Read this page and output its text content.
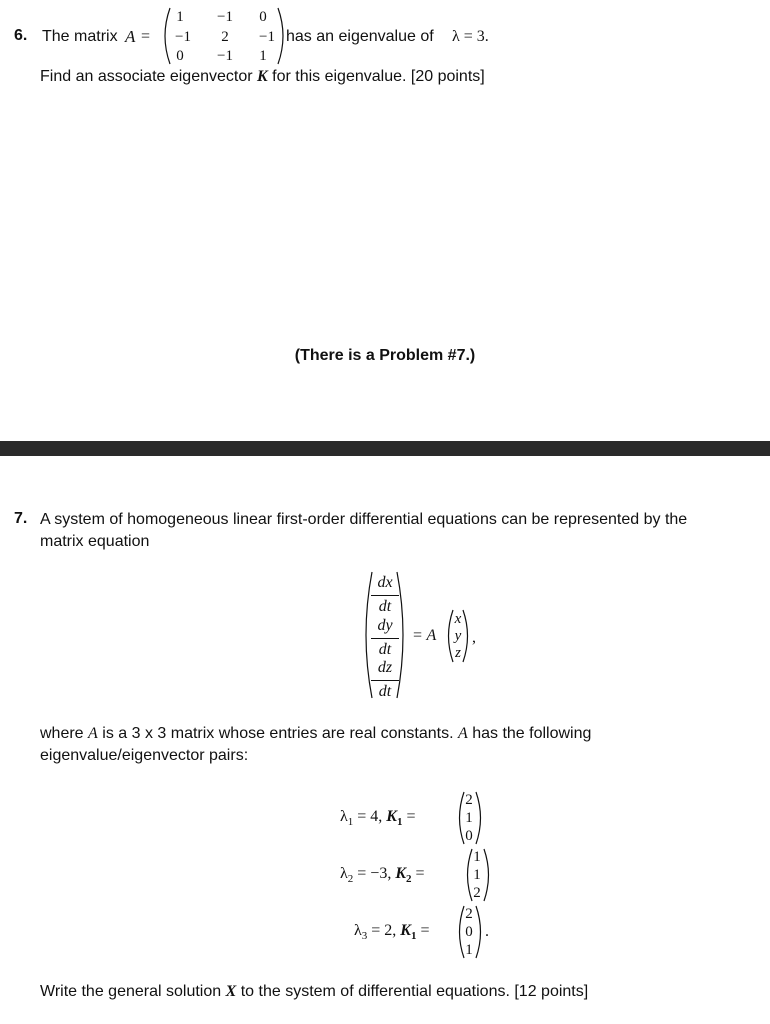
6. The matrix A =
1	−1	0
−1	2	−1
0	−1	1
has an eigenvalue of λ = 3.
Find an associate eigenvector K for this eigenvalue. [20 points]
(There is a Problem #7.)
7. A system of homogeneous linear first-order differential equations can be represented by the
matrix equation
dx
dt
dy
dt
dz
dt
= A
x
y
z
,
where A is a 3 x 3 matrix whose entries are real constants. A has the following
eigenvalue/eigenvector pairs:
$\lambda_1 = 4$, $K_1$ =
2
1
0
$\lambda_2 = -3$, $K_2$ =
1
1
2
$\lambda_3 = 2$, $K_1$ =
2
0
1
.
Write the general solution X to the system of differential equations. [12 points]
